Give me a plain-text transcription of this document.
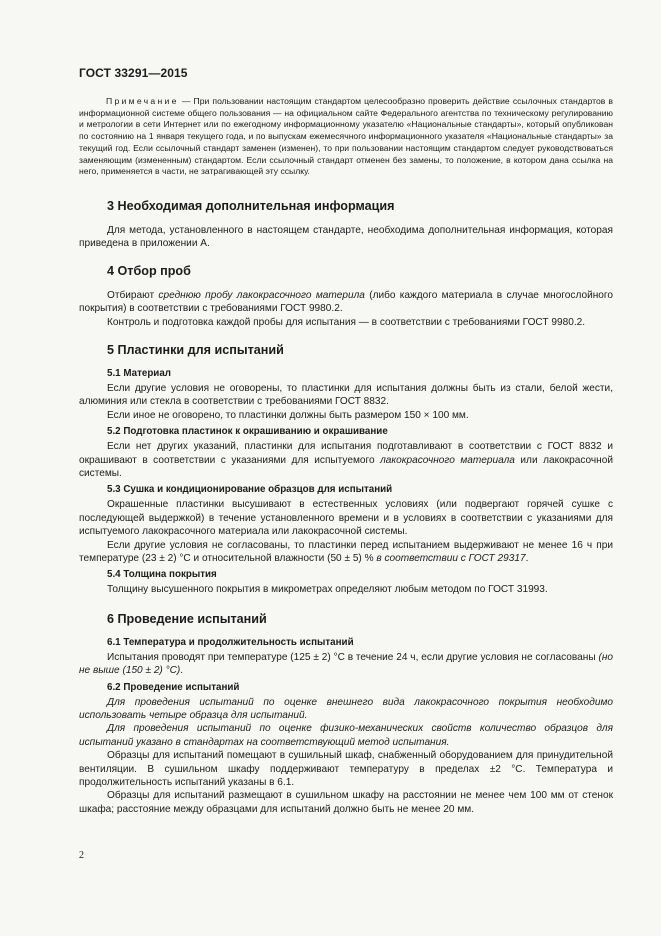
ГОСТ 33291—2015

Примечание — При пользовании настоящим стандартом целесообразно проверить действие ссылочных стандартов в информационной системе общего пользования — на официальном сайте Федерального агентства по техническому регулированию и метрологии в сети Интернет или по ежегодному информационному указателю «Национальные стандарты», который опубликован по состоянию на 1 января текущего года, и по выпускам ежемесячного информационного указателя «Национальные стандарты» за текущий год. Если ссылочный стандарт заменен (изменен), то при пользовании настоящим стандартом следует руководствоваться заменяющим (измененным) стандартом. Если ссылочный стандарт отменен без замены, то положение, в котором дана ссылка на него, применяется в части, не затрагивающей эту ссылку.

3 Необходимая дополнительная информация

Для метода, установленного в настоящем стандарте, необходима дополнительная информация, которая приведена в приложении А.

4 Отбор проб

Отбирают среднюю пробу лакокрасочного материла (либо каждого материала в случае многослойного покрытия) в соответствии с требованиями ГОСТ 9980.2.

Контроль и подготовка каждой пробы для испытания — в соответствии с требованиями ГОСТ 9980.2.

5 Пластинки для испытаний
5.1 Материал

Если другие условия не оговорены, то пластинки для испытания должны быть из стали, белой жести, алюминия или стекла в соответствии с требованиями ГОСТ 8832.

Если иное не оговорено, то пластинки должны быть размером 150 × 100 мм.

5.2 Подготовка пластинок к окрашиванию и окрашивание

Если нет других указаний, пластинки для испытания подготавливают в соответствии с ГОСТ 8832 и окрашивают в соответствии с указаниями для испытуемого лакокрасочного материала или лакокрасочной системы.

5.3 Сушка и кондиционирование образцов для испытаний

Окрашенные пластинки высушивают в естественных условиях (или подвергают горячей сушке с последующей выдержкой) в течение установленного времени и в условиях в соответствии с указаниями для испытуемого лакокрасочного материала или лакокрасочной системы.

Если другие условия не согласованы, то пластинки перед испытанием выдерживают не менее 16 ч при температуре (23 ± 2) °С и относительной влажности (50 ± 5) % в соответствии с ГОСТ 29317.

5.4 Толщина покрытия

Толщину высушенного покрытия в микрометрах определяют любым методом по ГОСТ 31993.

6 Проведение испытаний
6.1 Температура и продолжительность испытаний

Испытания проводят при температуре (125 ± 2) °С в течение 24 ч, если другие условия не согласованы (но не выше (150 ± 2) °С).

6.2 Проведение испытаний

Для проведения испытаний по оценке внешнего вида лакокрасочного покрытия необходимо использовать четыре образца для испытаний.

Для проведения испытаний по оценке физико-механических свойств количество образцов для испытаний указано в стандартах на соответствующий метод испытания.

Образцы для испытаний помещают в сушильный шкаф, снабженный оборудованием для принудительной вентиляции. В сушильном шкафу поддерживают температуру в пределах ±2 °С. Температура и продолжительность испытаний указаны в 6.1.

Образцы для испытаний размещают в сушильном шкафу на расстоянии не менее чем 100 мм от стенок шкафа; расстояние между образцами для испытаний должно быть не менее 20 мм.

2
